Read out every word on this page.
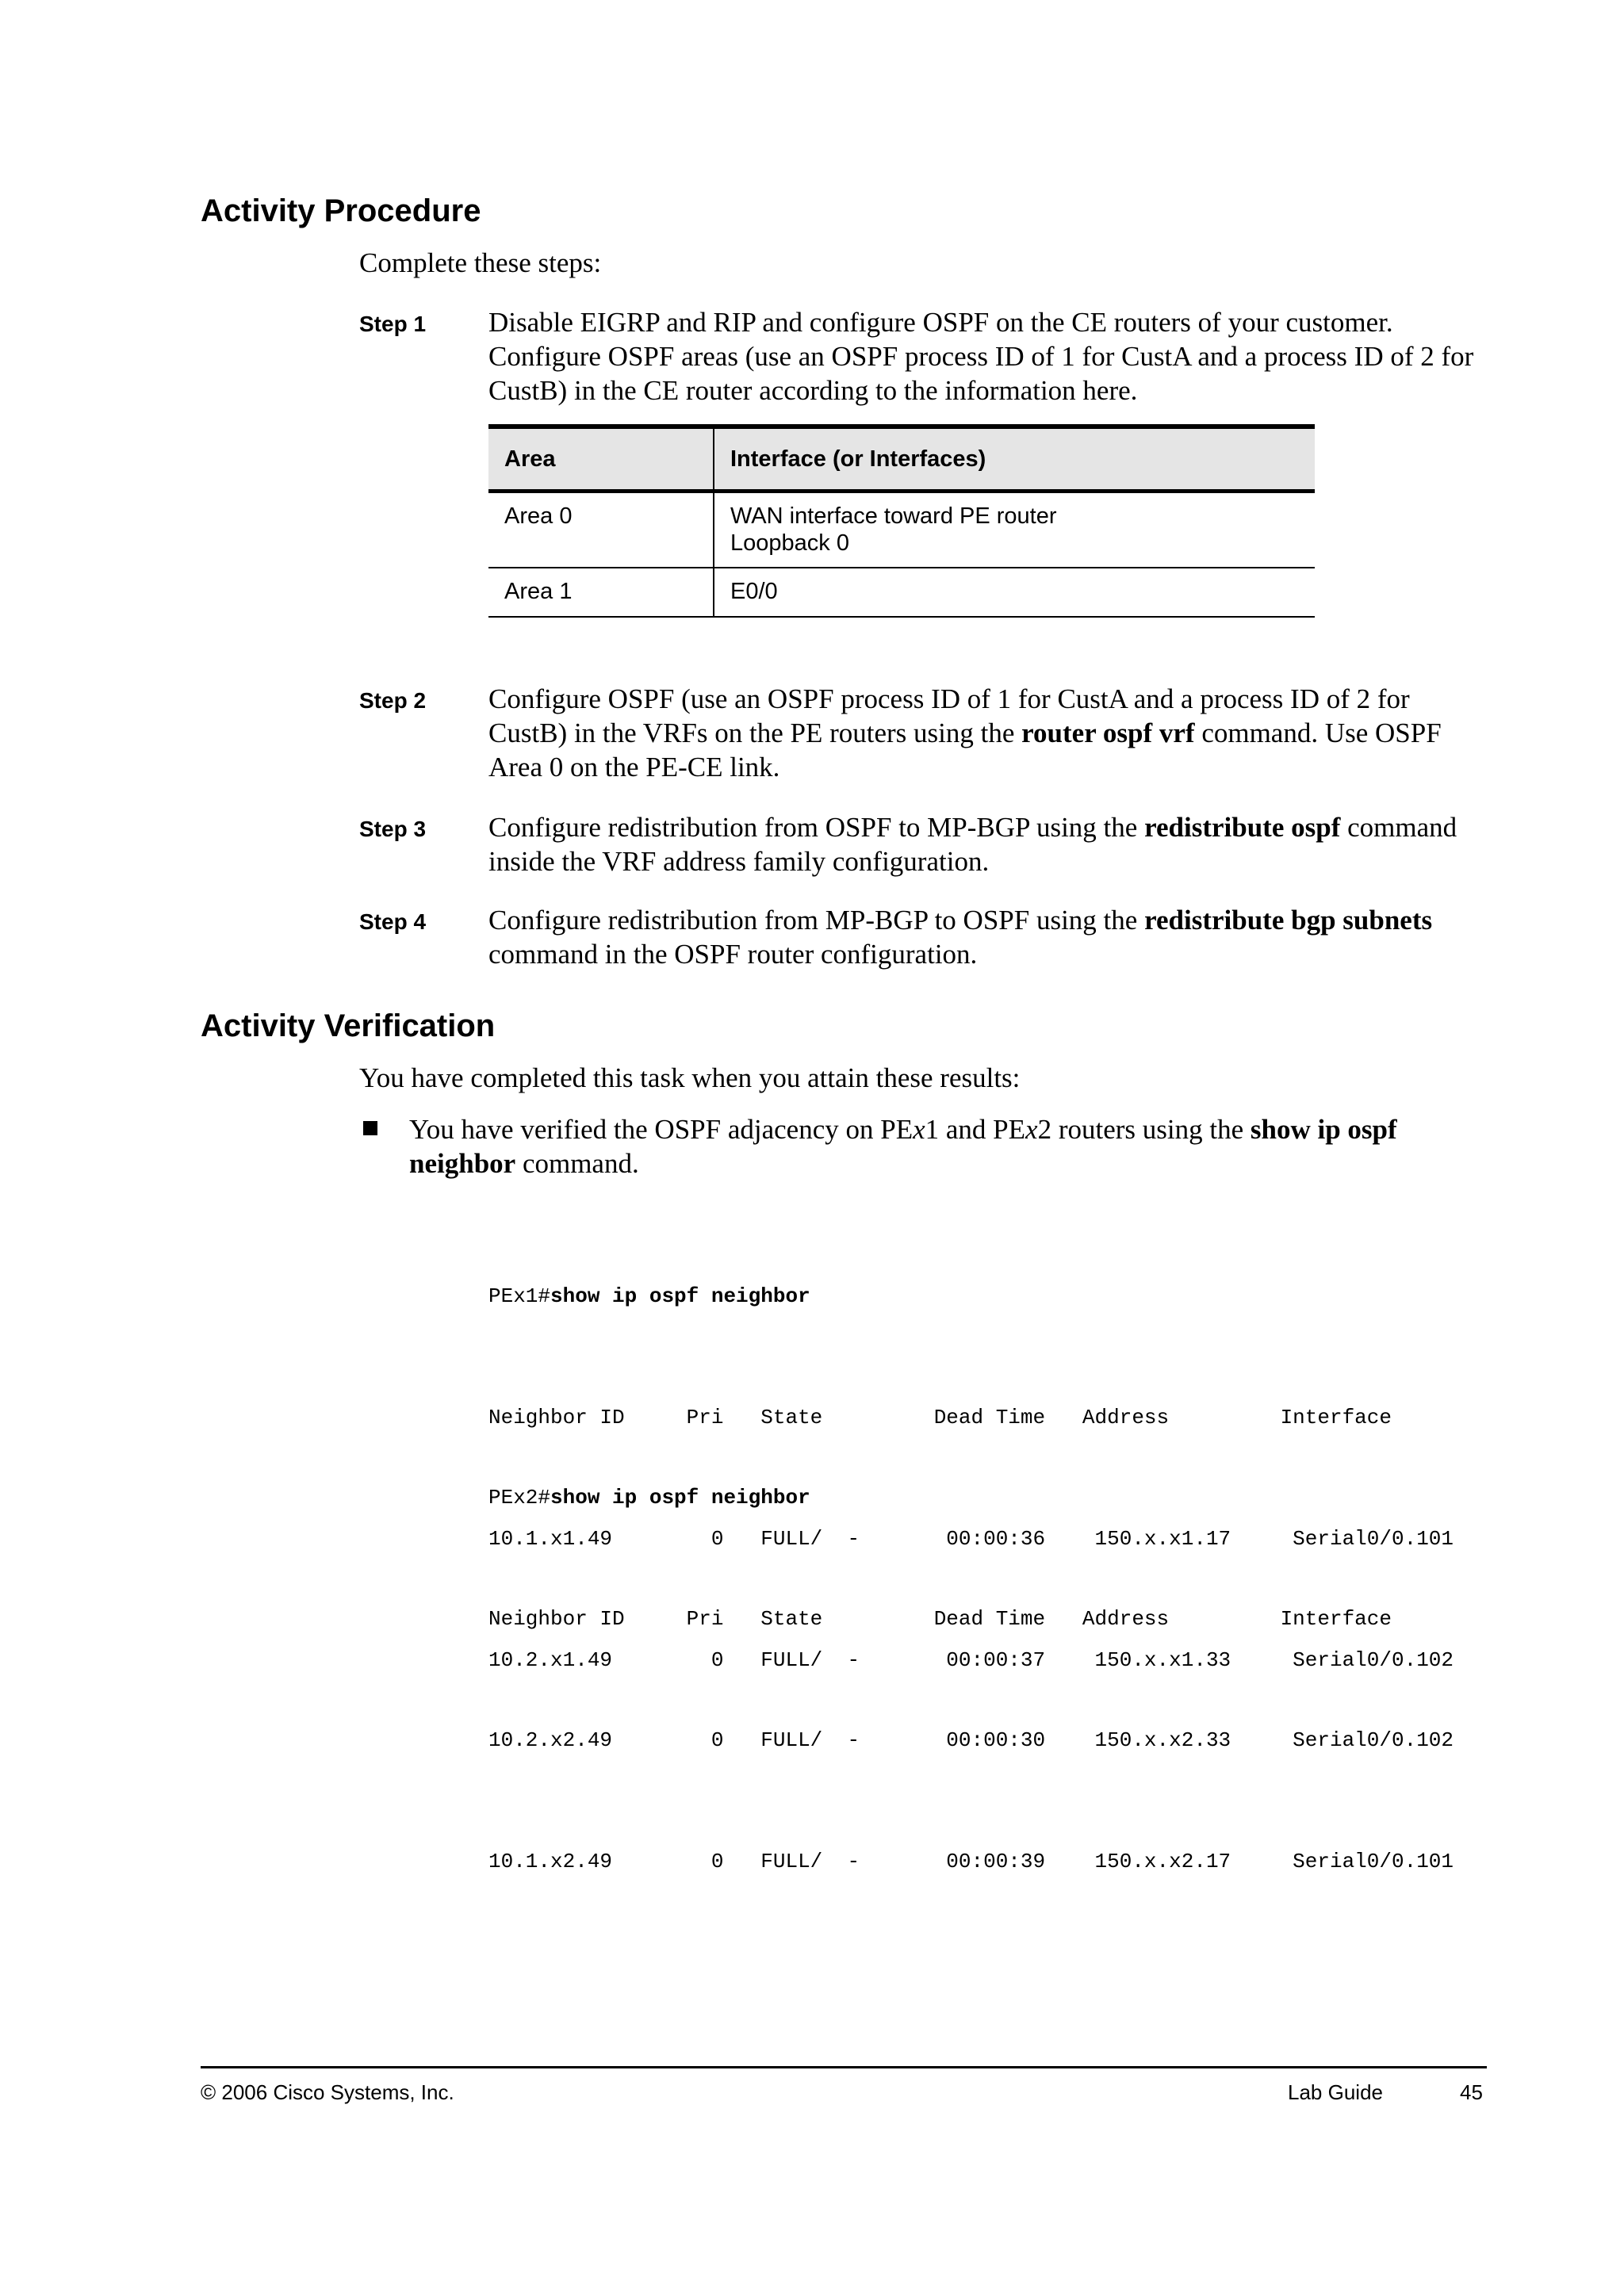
Activity Procedure

Complete these steps:

Step 1 Disable EIGRP and RIP and configure OSPF on the CE routers of your customer. Configure OSPF areas (use an OSPF process ID of 1 for CustA and a process ID of 2 for CustB) in the CE router according to the information here.

Area	Interface (or Interfaces)
Area 0	WAN interface toward PE router
Loopback 0

Area 1	E0/0
Step 2 Configure OSPF (use an OSPF process ID of 1 for CustA and a process ID of 2 for CustB) in the VRFs on the PE routers using the router ospf vrf command. Use OSPF Area 0 on the PE-CE link.

Step 3 Configure redistribution from OSPF to MP-BGP using the redistribute ospf command inside the VRF address family configuration.

Step 4 Configure redistribution from MP-BGP to OSPF using the redistribute bgp subnets command in the OSPF router configuration.

Activity Verification

You have completed this task when you attain these results:

You have verified the OSPF adjacency on PEx1 and PEx2 routers using the show ip ospf neighbor command.

PEx1#show ip ospf neighbor

Neighbor ID     Pri   State         Dead Time   Address         Interface

10.1.x1.49        0   FULL/  -       00:00:36    150.x.x1.17     Serial0/0.101

10.2.x1.49        0   FULL/  -       00:00:37    150.x.x1.33     Serial0/0.102

PEx2#show ip ospf neighbor

Neighbor ID     Pri   State         Dead Time   Address         Interface

10.2.x2.49        0   FULL/  -       00:00:30    150.x.x2.33     Serial0/0.102

10.1.x2.49        0   FULL/  -       00:00:39    150.x.x2.17     Serial0/0.101

© 2006 Cisco Systems, Inc.	Lab Guide	45
